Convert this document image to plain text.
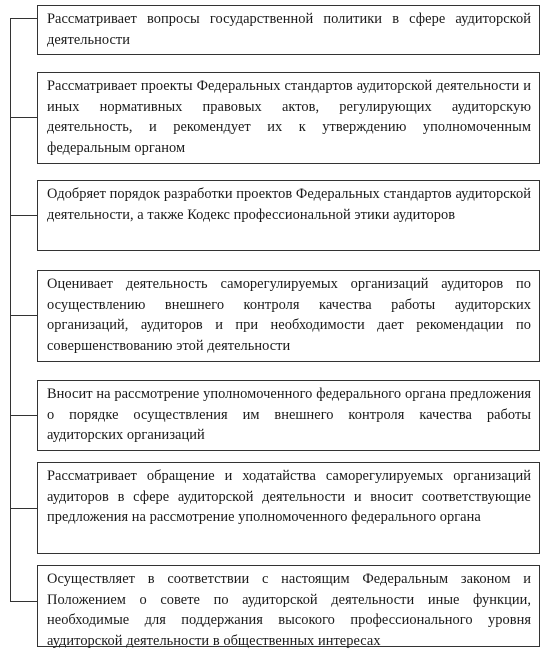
Рассматривает вопросы государственной политики в сфере аудиторской деятельности
Рассматривает проекты Федеральных стандартов аудиторской деятельности и иных нормативных правовых актов, регулирующих аудиторскую деятельность, и рекомендует их к утверждению уполномоченным федеральным органом
Одобряет порядок разработки проектов Федеральных стандартов аудиторской деятельности, а также Кодекс профессиональной этики аудиторов
Оценивает деятельность саморегулируемых организаций аудиторов по осуществлению внешнего контроля качества работы аудиторских организаций, аудиторов и при необходимости дает рекомендации по совершенствованию этой деятельности
Вносит на рассмотрение уполномоченного федерального органа предложения о порядке осуществления им внешнего контроля качества работы аудиторских организаций
Рассматривает обращение и ходатайства саморегулируемых организаций аудиторов в сфере аудиторской деятельности и вносит соответствующие предложения на рассмотрение уполномоченного федерального органа
Осуществляет в соответствии с настоящим Федеральным законом и Положением о совете по аудиторской деятельности иные функции, необходимые для поддержания высокого профессионального уровня аудиторской деятельности в общественных интересах
